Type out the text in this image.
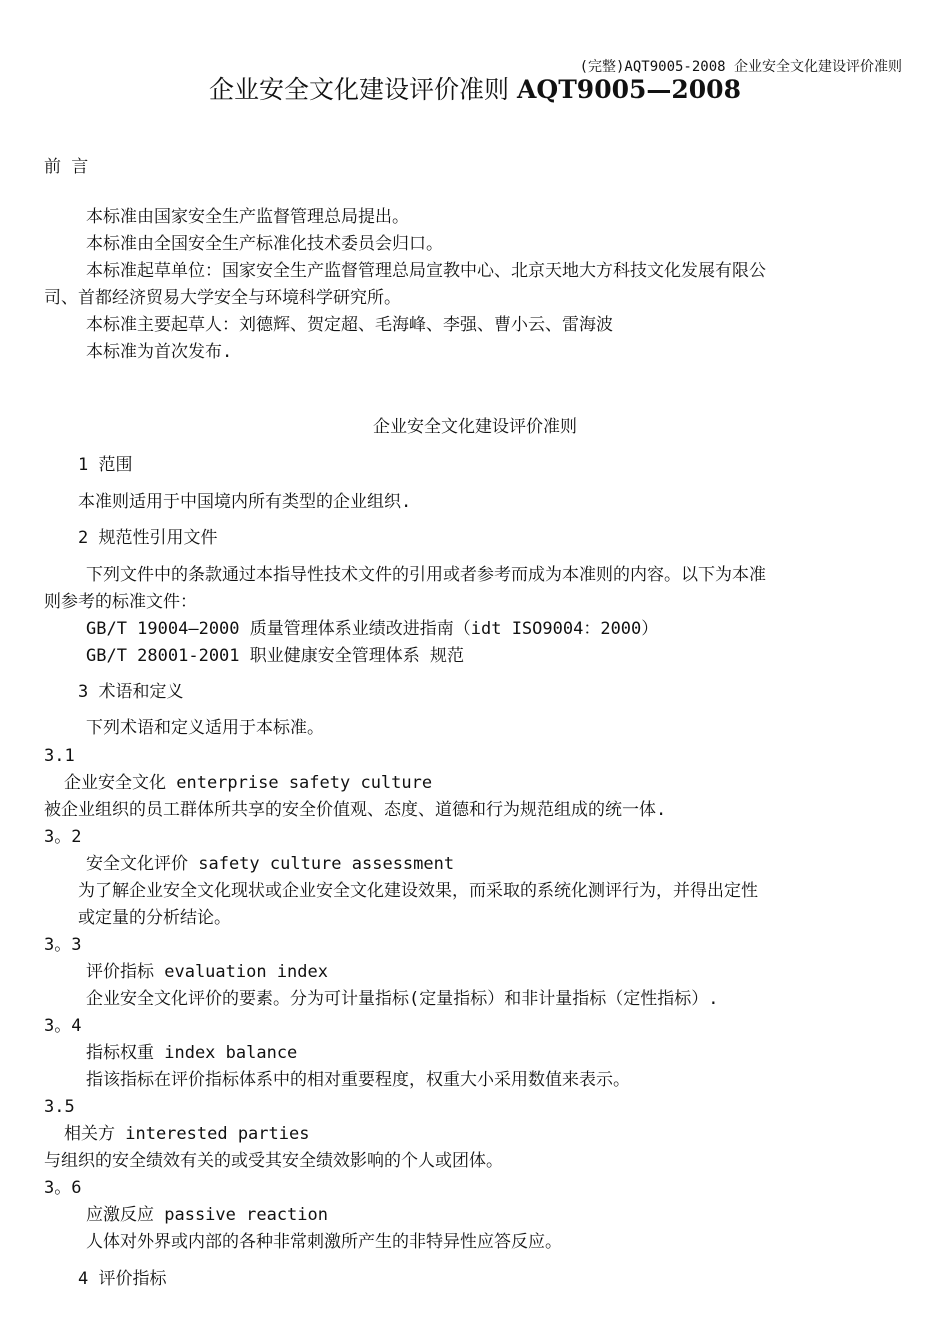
(完整)AQT9005-2008 企业安全文化建设评价准则
企业安全文化建设评价准则 AQT9005—2008
前 言
本标准由国家安全生产监督管理总局提出。
本标准由全国安全生产标准化技术委员会归口。
本标准起草单位：国家安全生产监督管理总局宣教中心、北京天地大方科技文化发展有限公
司、首都经济贸易大学安全与环境科学研究所。
本标准主要起草人：刘德辉、贺定超、毛海峰、李强、曹小云、雷海波
本标准为首次发布.
企业安全文化建设评价准则
1 范围
本准则适用于中国境内所有类型的企业组织.
2 规范性引用文件
下列文件中的条款通过本指导性技术文件的引用或者参考而成为本准则的内容。以下为本准
则参考的标准文件：
GB/T 19004—2000 质量管理体系业绩改进指南（idt ISO9004：2000）
GB/T 28001-2001 职业健康安全管理体系 规范
3 术语和定义
下列术语和定义适用于本标准。
3.1
企业安全文化 enterprise safety culture
被企业组织的员工群体所共享的安全价值观、态度、道德和行为规范组成的统一体.
3。2
安全文化评价 safety culture assessment
为了解企业安全文化现状或企业安全文化建设效果，而采取的系统化测评行为，并得出定性
或定量的分析结论。
3。3
评价指标 evaluation index
企业安全文化评价的要素。分为可计量指标(定量指标）和非计量指标（定性指标）.
3。4
指标权重 index balance
指该指标在评价指标体系中的相对重要程度，权重大小采用数值来表示。
3.5
相关方 interested parties
与组织的安全绩效有关的或受其安全绩效影响的个人或团体。
3。6
应激反应 passive reaction
人体对外界或内部的各种非常刺激所产生的非特异性应答反应。
4 评价指标
